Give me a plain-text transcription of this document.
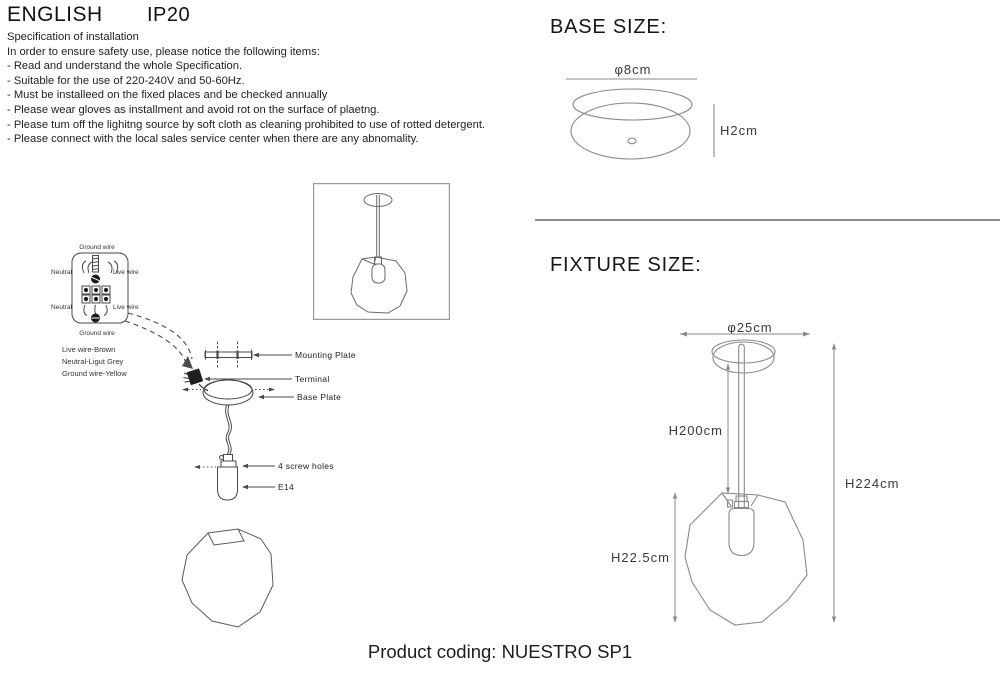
ENGLISH IP20
Specification of installation
In order to ensure safety use, please notice the following items:
- Read and understand the whole Specification.
- Suitable for the use of 220-240V and 50-60Hz.
- Must be installeed on the fixed places and be checked annually
- Please wear gloves as installment and avoid rot on the surface of plaetng.
- Please tum off the lighitng source by soft cloth as cleaning prohibited to use of rotted detergent.
- Please connect with the local sales service center when there are any abnomality.
Ground wire
Neutral	Live wire
Neutral	Live wire
Ground wire
Live wire-Brown
Neutral-Ligut Grey
Ground wire-Yellow
Mounting Plate
Terminal
Base Plate
4 screw holes
E14
BASE SIZE:
φ8cm
H2cm
FIXTURE SIZE:
φ25cm
H200cm
H224cm
H22.5cm
Product coding: NUESTRO SP1
